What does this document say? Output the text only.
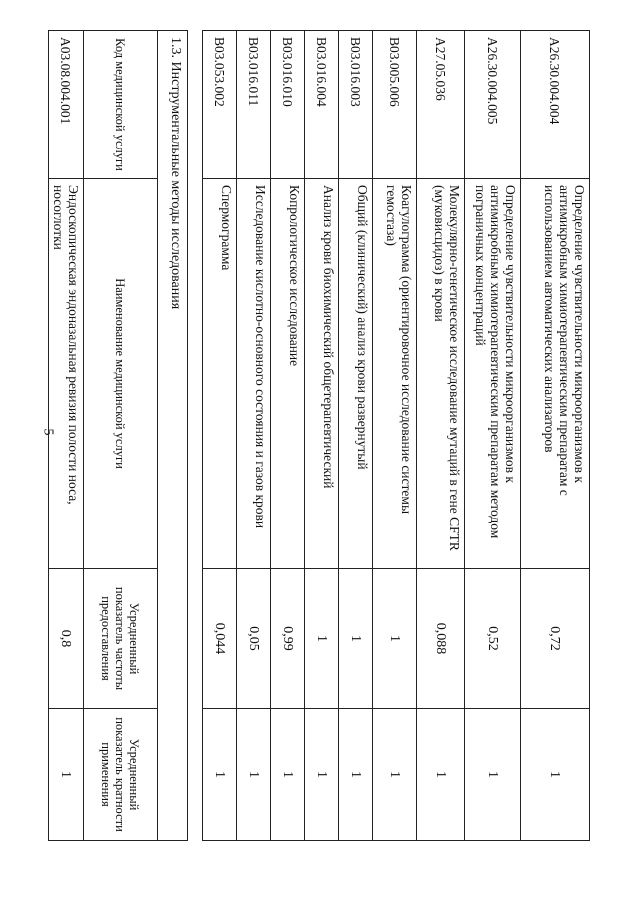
5
A26.30.004.004	Определение чувствительности микроорганизмов к антимикробным химиотерапевтическим препаратам с использованием автоматических анализаторов	0,72	1
A26.30.004.005	Определение чувствительности микроорганизмов к антимикробным химиотерапевтическим препаратам методом пограничных концентраций	0,52	1
A27.05.036	Молекулярно-генетическое исследование мутаций в гене CFTR (муковисцидоз) в крови	0,088	1
B03.005.006	Коагулограмма (ориентировочное исследование системы гемостаза)	1	1
B03.016.003	Общий (клинический) анализ крови развернутый	1	1
B03.016.004	Анализ крови биохимический общетерапевтический	1	1
B03.016.010	Копрологическое исследование	0,99	1
B03.016.011	Исследование кислотно-основного состояния и газов крови	0,05	1
B03.053.002	Спермограмма	0,044	1
1.3. Инструментальные методы исследования			
Код медицинской услуги	Наименование медицинской услуги	Усредненный показатель частоты предоставления	Усредненный показатель кратности применения
A03.08.004.001	Эндоскопическая эндоназальная ревизия полости носа, носоглотки	0,8	1
